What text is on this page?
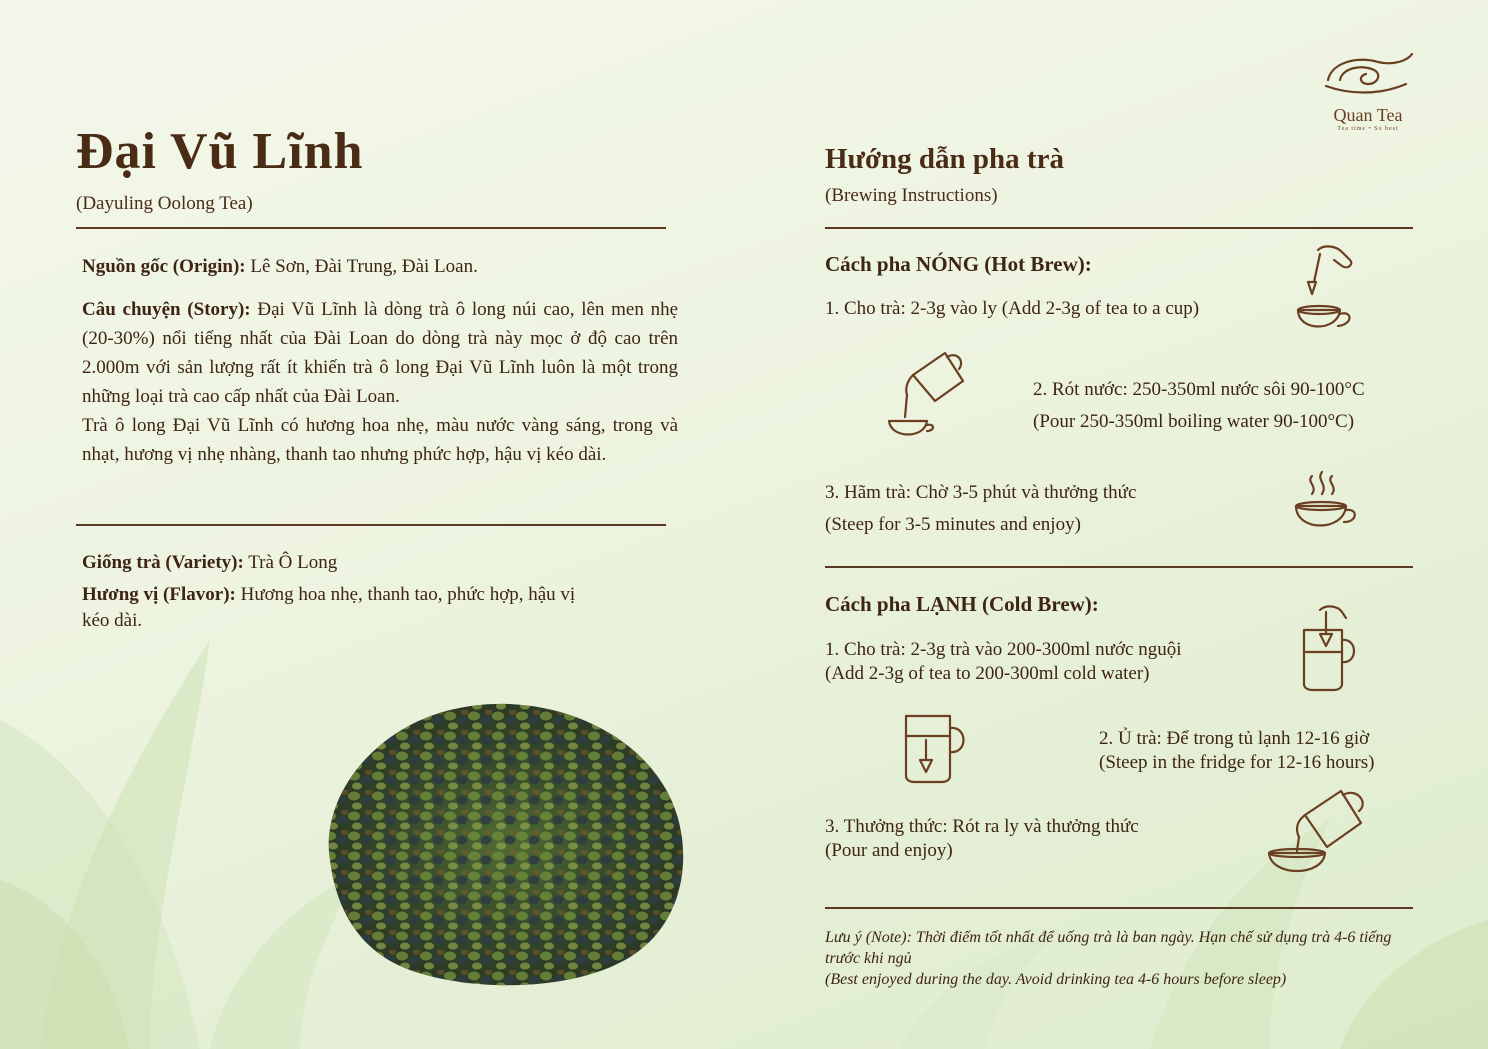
Quan Tea
Tea time • So best
Đại Vũ Lĩnh
(Dayuling Oolong Tea)
Nguồn gốc (Origin): Lê Sơn, Đài Trung, Đài Loan.
Câu chuyện (Story): Đại Vũ Lĩnh là dòng trà ô long núi cao, lên men nhẹ (20-30%) nổi tiếng nhất của Đài Loan do dòng trà này mọc ở độ cao trên 2.000m với sản lượng rất ít khiến trà ô long Đại Vũ Lĩnh luôn là một trong những loại trà cao cấp nhất của Đài Loan.
Trà ô long Đại Vũ Lĩnh có hương hoa nhẹ, màu nước vàng sáng, trong và nhạt, hương vị nhẹ nhàng, thanh tao nhưng phức hợp, hậu vị kéo dài.
Giống trà (Variety): Trà Ô Long
Hương vị (Flavor): Hương hoa nhẹ, thanh tao, phức hợp, hậu vị kéo dài.
Hướng dẫn pha trà
(Brewing Instructions)
Cách pha NÓNG (Hot Brew):
1. Cho trà: 2-3g vào ly (Add 2-3g of tea to a cup)
2. Rót nước: 250-350ml nước sôi 90-100°C
(Pour 250-350ml boiling water 90-100°C)
3. Hãm trà: Chờ 3-5 phút và thưởng thức
(Steep for 3-5 minutes and enjoy)
Cách pha LẠNH (Cold Brew):
1. Cho trà: 2-3g trà vào 200-300ml nước nguội
(Add 2-3g of tea to 200-300ml cold water)
2. Ủ trà: Để trong tủ lạnh 12-16 giờ
(Steep in the fridge for 12-16 hours)
3. Thưởng thức: Rót ra ly và thưởng thức
(Pour and enjoy)
Lưu ý (Note): Thời điểm tốt nhất để uống trà là ban ngày. Hạn chế sử dụng trà 4-6 tiếng trước khi ngủ
(Best enjoyed during the day. Avoid drinking tea 4-6 hours before sleep)
